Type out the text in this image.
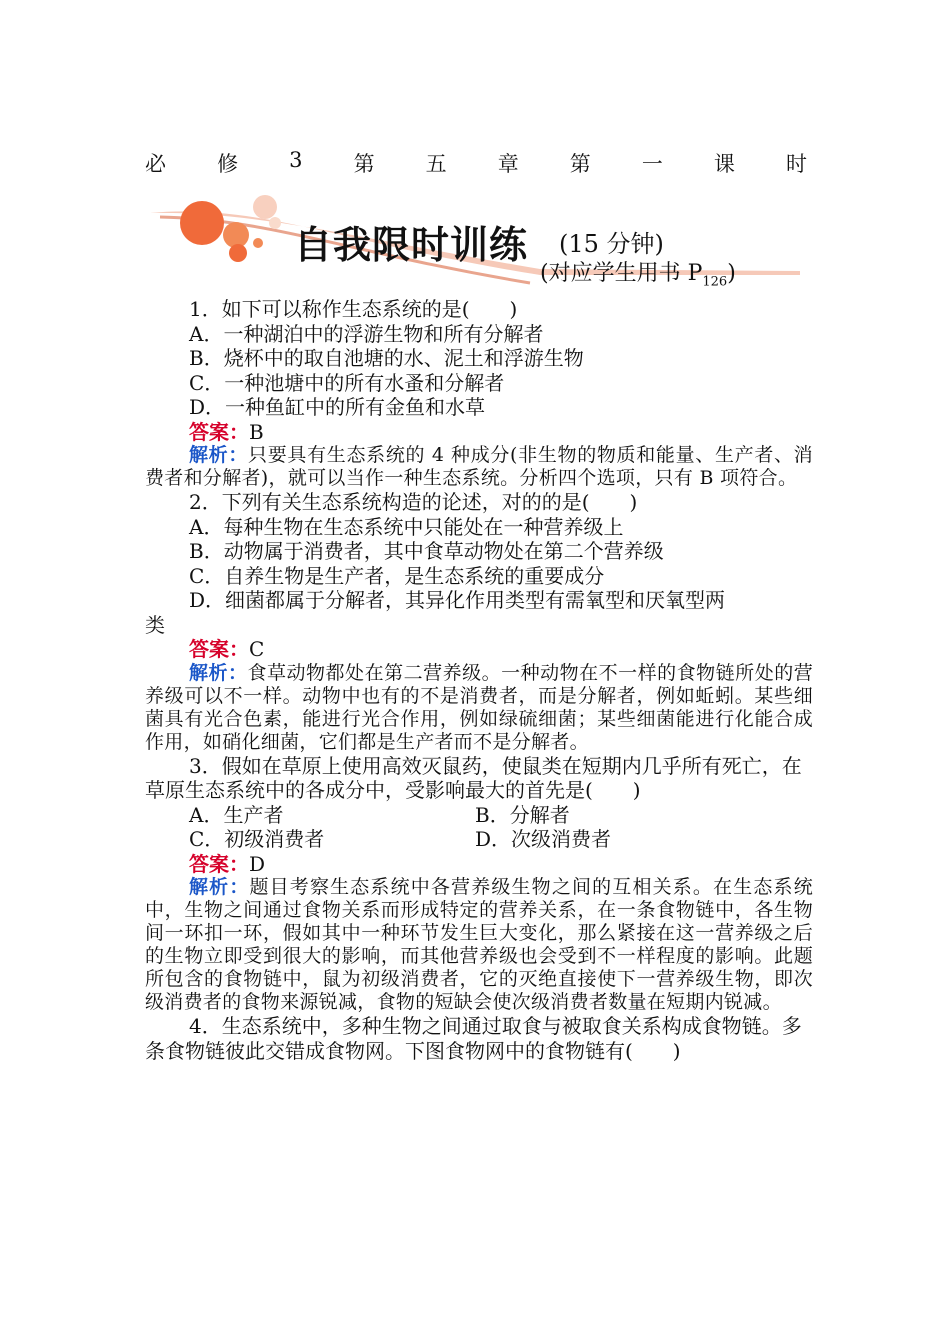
必 修 3 第 五 章 第 一 课 时
自我限时训练 (15 分钟)
(对应学生用书 $P_{126}$)

1．如下可以称作生态系统的是(　　)

A．一种湖泊中的浮游生物和所有分解者

B．烧杯中的取自池塘的水、泥土和浮游生物

C．一种池塘中的所有水蚤和分解者

D．一种鱼缸中的所有金鱼和水草

答案：B

解析：只要具有生态系统的 4 种成分(非生物的物质和能量、生产者、消费者和分解者)，就可以当作一种生态系统。分析四个选项，只有 B 项符合。

2．下列有关生态系统构造的论述，对的的是(　　)

A．每种生物在生态系统中只能处在一种营养级上

B．动物属于消费者，其中食草动物处在第二个营养级

C．自养生物是生产者，是生态系统的重要成分

D．细菌都属于分解者，其异化作用类型有需氧型和厌氧型两

类

答案：C

解析：食草动物都处在第二营养级。一种动物在不一样的食物链所处的营养级可以不一样。动物中也有的不是消费者，而是分解者，例如蚯蚓。某些细菌具有光合色素，能进行光合作用，例如绿硫细菌；某些细菌能进行化能合成作用，如硝化细菌，它们都是生产者而不是分解者。

3．假如在草原上使用高效灭鼠药，使鼠类在短期内几乎所有死亡，在草原生态系统中的各成分中，受影响最大的首先是(　　)

A．生产者	B．分解者
C．初级消费者	D．次级消费者

答案：D

解析：题目考察生态系统中各营养级生物之间的互相关系。在生态系统中，生物之间通过食物关系而形成特定的营养关系，在一条食物链中，各生物间一环扣一环，假如其中一种环节发生巨大变化，那么紧接在这一营养级之后的生物立即受到很大的影响，而其他营养级也会受到不一样程度的影响。此题所包含的食物链中，鼠为初级消费者，它的灭绝直接使下一营养级生物，即次级消费者的食物来源锐减，食物的短缺会使次级消费者数量在短期内锐减。

4．生态系统中，多种生物之间通过取食与被取食关系构成食物链。多条食物链彼此交错成食物网。下图食物网中的食物链有(　　)
